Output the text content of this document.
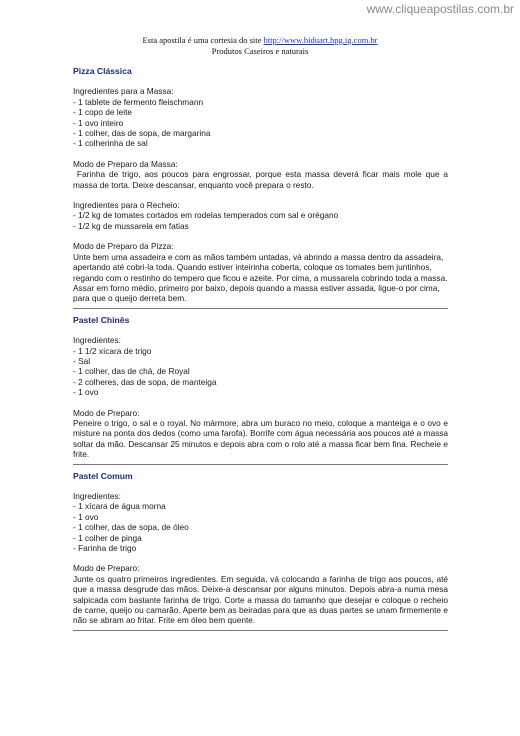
www.cliqueapostilas.com.br
Esta apostila é uma cortesia do site http://www.biduart.hpg.ig.com.br
Produtos Caseiros e naturais
Pizza Clássica

Ingredientes para a Massa:

- 1 tablete de fermento fleischmann
- 1 copo de leite
- 1 ovo inteiro
- 1 colher, das de sopa, de margarina
- 1 colherinha de sal

Modo de Preparo da Massa:

Farinha de trigo, aos poucos para engrossar, porque esta massa deverá ficar mais mole que a massa de torta. Deixe descansar, enquanto você prepara o resto.

Ingredientes para o Recheio:

- 1/2 kg de tomates cortados em rodelas temperados com sal e orégano
- 1/2 kg de mussarela em fatias

Modo de Preparo da Pizza:

Unte bem uma assadeira e com as mãos também untadas, vá abrindo a massa dentro da assadeira, apertando até cobri-la toda. Quando estiver inteirinha coberta, coloque os tomates bem juntinhos, regando com o restinho do tempero que ficou e azeite. Por cima, a mussarela cobrindo toda a massa. Assar em forno médio, primeiro por baixo, depois quando a massa estiver assada, ligue-o por cima, para que o queijo derreta bem.

Pastel Chinês

Ingredientes:

- 1 1/2 xícara de trigo
- Sal
- 1 colher, das de chá, de Royal
- 2 colheres, das de sopa, de manteiga
- 1 ovo

Modo de Preparo:

Peneire o trigo, o sal e o royal. No mármore, abra um buraco no meio, coloque a manteiga e o ovo e misture na ponta dos dedos (como uma farofa). Borrife com água necessária aos poucos até a massa soltar da mão. Descansar 25 minutos e depois abra com o rolo até a massa ficar bem fina. Recheie e frite.

Pastel Comum

Ingredientes:

- 1 xícara de água morna
- 1 ovo
- 1 colher, das de sopa, de óleo
- 1 colher de pinga
- Farinha de trigo

Modo de Preparo:

Junte os quatro primeiros ingredientes. Em seguida, vá colocando a farinha de trigo aos poucos, até que a massa desgrude das mãos. Deixe-a descansar por alguns minutos. Depois abra-a numa mesa salpicada com bastante farinha de trigo. Corte a massa do tamanho que desejar e coloque o recheio de carne, queijo ou camarão. Aperte bem as beiradas para que as duas partes se unam firmemente e não se abram ao fritar. Frite em óleo bem quente.
